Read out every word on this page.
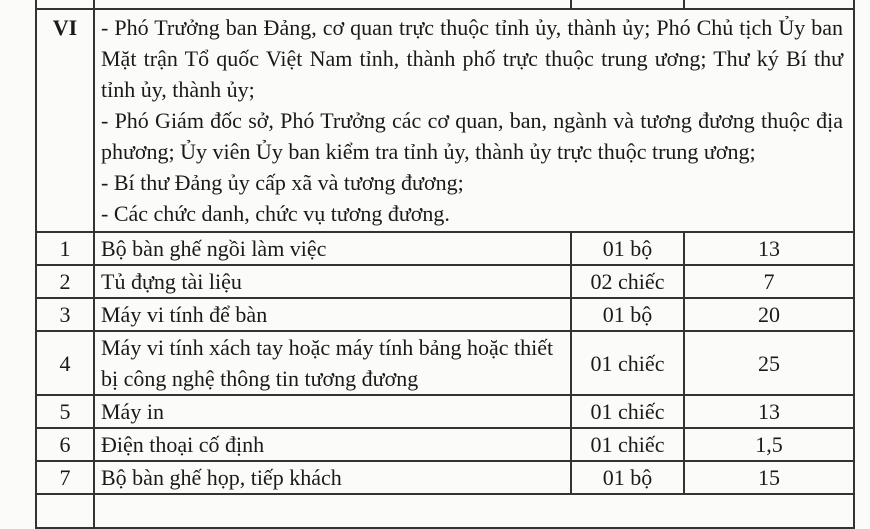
VI	- Phó Trưởng ban Đảng, cơ quan trực thuộc tỉnh ủy, thành ủy; Phó Chủ tịch Ủy ban Mặt trận Tổ quốc Việt Nam tỉnh, thành phố trực thuộc trung ương; Thư ký Bí thư tỉnh ủy, thành ủy;

- Phó Giám đốc sở, Phó Trưởng các cơ quan, ban, ngành và tương đương thuộc địa phương; Ủy viên Ủy ban kiểm tra tỉnh ủy, thành ủy trực thuộc trung ương;

- Bí thư Đảng ủy cấp xã và tương đương;

- Các chức danh, chức vụ tương đương.		

1	Bộ bàn ghế ngồi làm việc	01 bộ	13
2	Tủ đựng tài liệu	02 chiếc	7
3	Máy vi tính để bàn	01 bộ	20
4	Máy vi tính xách tay hoặc máy tính bảng hoặc thiết bị công nghệ thông tin tương đương	01 chiếc	25
5	Máy in	01 chiếc	13
6	Điện thoại cố định	01 chiếc	1,5
7	Bộ bàn ghế họp, tiếp khách	01 bộ	15
